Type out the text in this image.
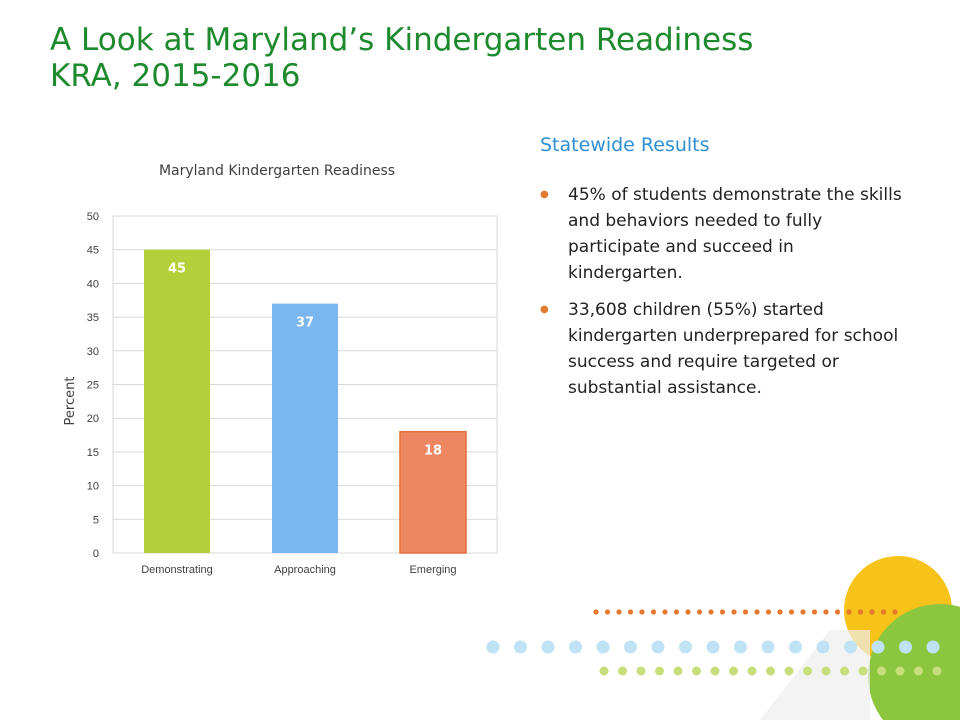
A Look at Maryland’s Kindergarten Readiness
KRA, 2015-2016
Maryland Kindergarten Readiness
0
5
10
15
20
25
30
35
40
45
50
Percent
45
Demonstrating
37
Approaching
18
Emerging
Statewide Results
● 45% of students demonstrate the skills and behaviors needed to fully participate and succeed in kindergarten.
● 33,608 children (55%) started kindergarten underprepared for school success and require targeted or substantial assistance.
